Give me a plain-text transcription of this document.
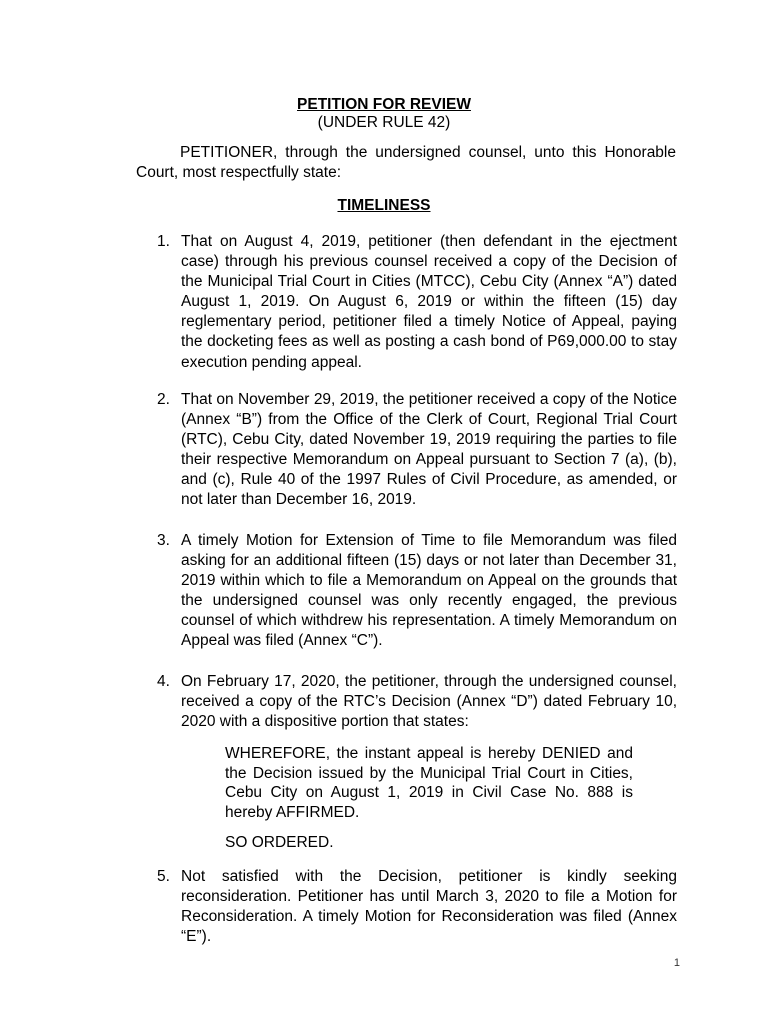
PETITION FOR REVIEW
(UNDER RULE 42)

PETITIONER, through the undersigned counsel, unto this Honorable Court, most respectfully state:

TIMELINESS
1. That on August 4, 2019, petitioner (then defendant in the ejectment case) through his previous counsel received a copy of the Decision of the Municipal Trial Court in Cities (MTCC), Cebu City (Annex “A”) dated August 1, 2019. On August 6, 2019 or within the fifteen (15) day reglementary period, petitioner filed a timely Notice of Appeal, paying the docketing fees as well as posting a cash bond of P69,000.00 to stay execution pending appeal.
2. That on November 29, 2019, the petitioner received a copy of the Notice (Annex “B”) from the Office of the Clerk of Court, Regional Trial Court (RTC), Cebu City, dated November 19, 2019 requiring the parties to file their respective Memorandum on Appeal pursuant to Section 7 (a), (b), and (c), Rule 40 of the 1997 Rules of Civil Procedure, as amended, or not later than December 16, 2019.
3. A timely Motion for Extension of Time to file Memorandum was filed asking for an additional fifteen (15) days or not later than December 31, 2019 within which to file a Memorandum on Appeal on the grounds that the undersigned counsel was only recently engaged, the previous counsel of which withdrew his representation. A timely Memorandum on Appeal was filed (Annex “C”).
4. On February 17, 2020, the petitioner, through the undersigned counsel, received a copy of the RTC’s Decision (Annex “D”) dated February 10, 2020 with a dispositive portion that states:

WHEREFORE, the instant appeal is hereby DENIED and the Decision issued by the Municipal Trial Court in Cities, Cebu City on August 1, 2019 in Civil Case No. 888 is hereby AFFIRMED.

SO ORDERED.
5. Not satisfied with the Decision, petitioner is kindly seeking reconsideration. Petitioner has until March 3, 2020 to file a Motion for Reconsideration. A timely Motion for Reconsideration was filed (Annex “E”).
1
